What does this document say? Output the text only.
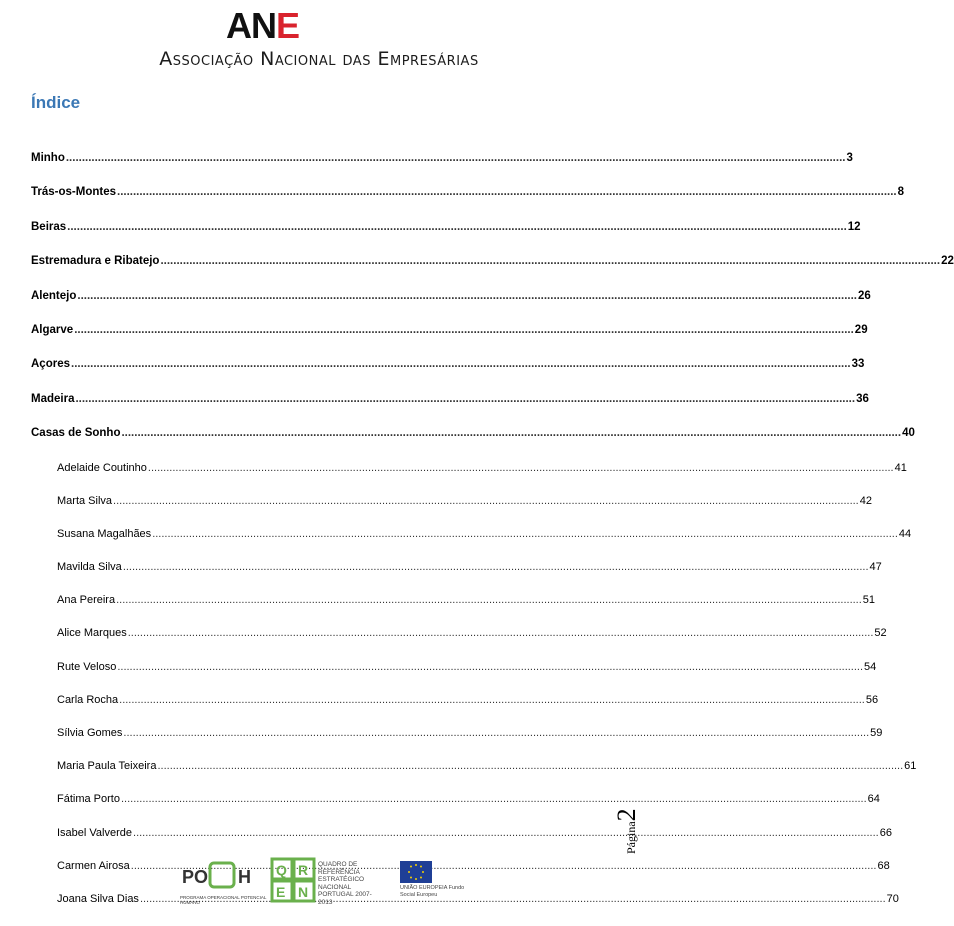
ANE
Associação Nacional das Empresárias
Índice
Minho .....	3
Trás-os-Montes .....	8
Beiras .....	12
Estremadura e Ribatejo .....	22
Alentejo .....	26
Algarve .....	29
Açores .....	33
Madeira .....	36
Casas de Sonho .....	40
Adelaide Coutinho .....	41
Marta Silva .....	42
Susana Magalhães .....	44
Mavilda Silva .....	47
Ana Pereira .....	51
Alice Marques .....	52
Rute Veloso .....	54
Carla Rocha .....	56
Sílvia Gomes .....	59
Maria Paula Teixeira .....	61
Fátima Porto .....	64
Isabel Valverde .....	66
Carmen Airosa .....	68
Joana Silva Dias .....	70
Página2
PO H
PROGRAMA OPERACIONAL POTENCIAL HUMANO
Q R
E N
QUADRO DE REFERÊNCIA ESTRATÉGICO NACIONAL PORTUGAL 2007-2013
UNIÃO EUROPEIA Fundo Social Europeu
